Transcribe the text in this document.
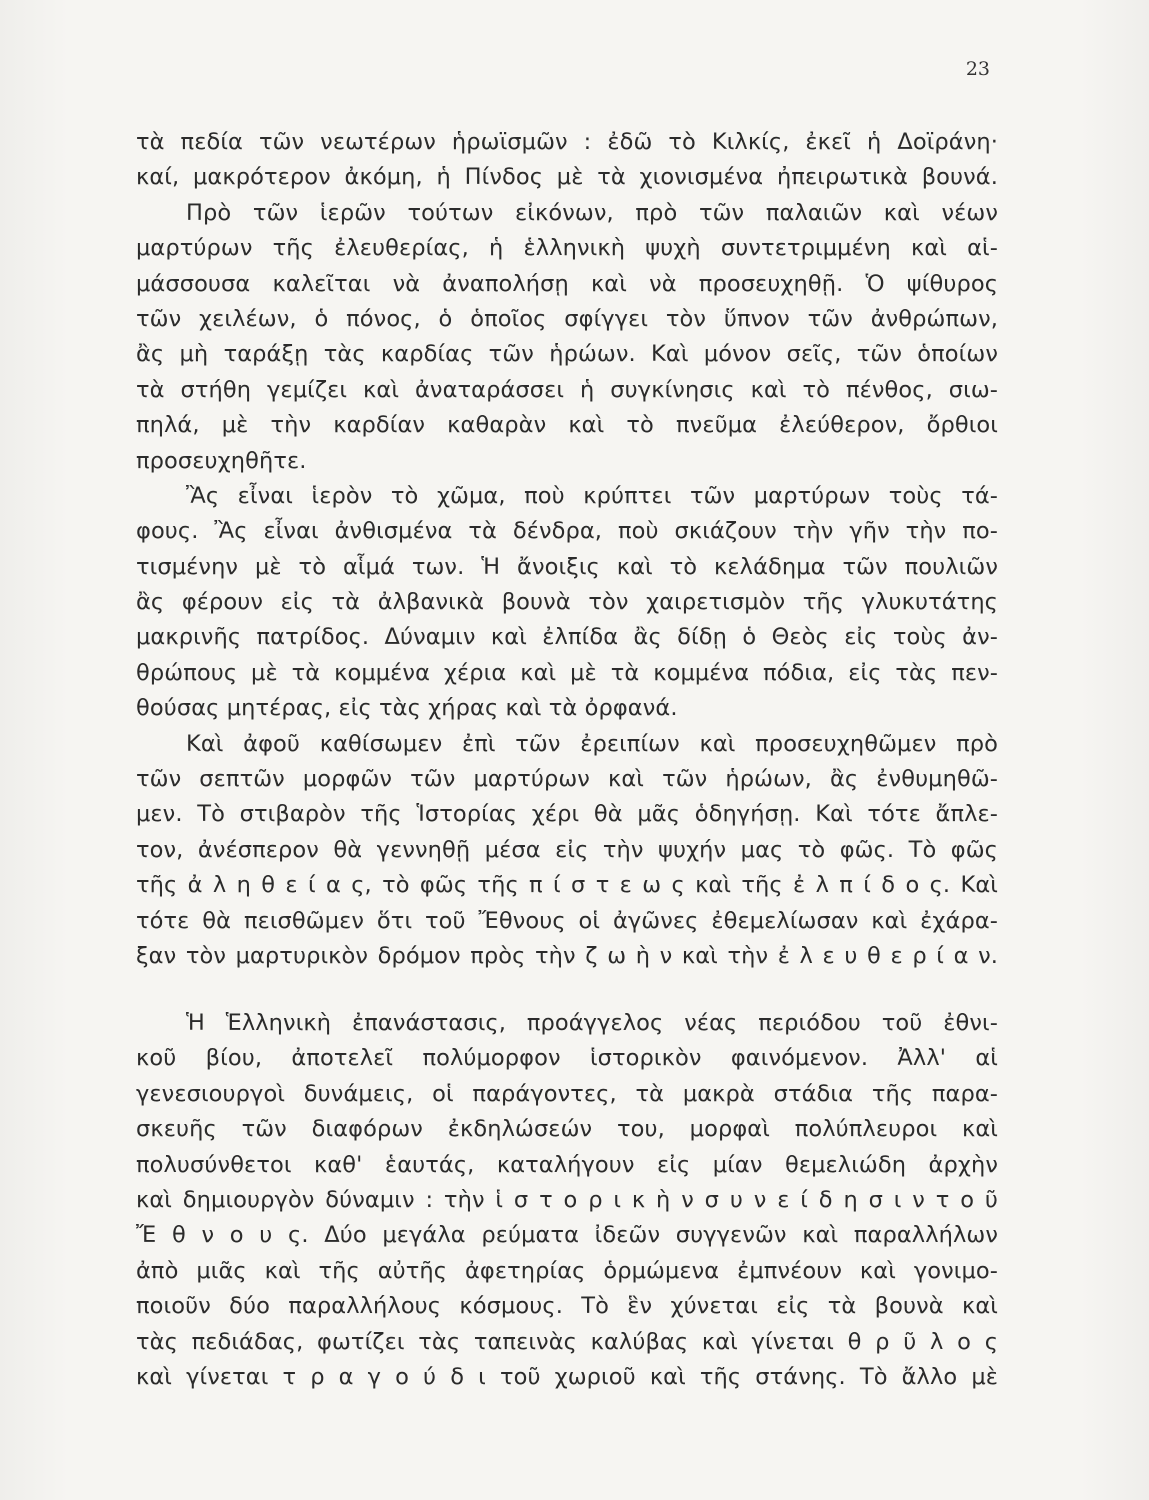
23
τὰ πεδία τῶν νεωτέρων ἡρωϊσμῶν : ἐδῶ τὸ Κιλκίς, ἐκεῖ ἡ Δοϊράνη·
καί, μακρότερον ἀκόμη, ἡ Πίνδος μὲ τὰ χιονισμένα ἠπειρωτικὰ βουνά.
Πρὸ τῶν ἱερῶν τούτων εἰκόνων, πρὸ τῶν παλαιῶν καὶ νέων
μαρτύρων τῆς ἐλευθερίας, ἡ ἑλληνικὴ ψυχὴ συντετριμμένη καὶ αἱ-
μάσσουσα καλεῖται νὰ ἀναπολήσῃ καὶ νὰ προσευχηθῇ. Ὁ ψίθυρος
τῶν χειλέων, ὁ πόνος, ὁ ὁποῖος σφίγγει τὸν ὕπνον τῶν ἀνθρώπων,
ἂς μὴ ταράξῃ τὰς καρδίας τῶν ἡρώων. Καὶ μόνον σεῖς, τῶν ὁποίων
τὰ στήθη γεμίζει καὶ ἀναταράσσει ἡ συγκίνησις καὶ τὸ πένθος, σιω-
πηλά, μὲ τὴν καρδίαν καθαρὰν καὶ τὸ πνεῦμα ἐλεύθερον, ὄρθιοι
προσευχηθῆτε.
Ἂς εἶναι ἱερὸν τὸ χῶμα, ποὺ κρύπτει τῶν μαρτύρων τοὺς τά-
φους. Ἂς εἶναι ἀνθισμένα τὰ δένδρα, ποὺ σκιάζουν τὴν γῆν τὴν πο-
τισμένην μὲ τὸ αἷμά των. Ἡ ἄνοιξις καὶ τὸ κελάδημα τῶν πουλιῶν
ἂς φέρουν εἰς τὰ ἀλβανικὰ βουνὰ τὸν χαιρετισμὸν τῆς γλυκυτάτης
μακρινῆς πατρίδος. Δύναμιν καὶ ἐλπίδα ἂς δίδῃ ὁ Θεὸς εἰς τοὺς ἀν-
θρώπους μὲ τὰ κομμένα χέρια καὶ μὲ τὰ κομμένα πόδια, εἰς τὰς πεν-
θούσας μητέρας, εἰς τὰς χήρας καὶ τὰ ὀρφανά.
Καὶ ἀφοῦ καθίσωμεν ἐπὶ τῶν ἐρειπίων καὶ προσευχηθῶμεν πρὸ
τῶν σεπτῶν μορφῶν τῶν μαρτύρων καὶ τῶν ἡρώων, ἂς ἐνθυμηθῶ-
μεν. Τὸ στιβαρὸν τῆς Ἱστορίας χέρι θὰ μᾶς ὁδηγήσῃ. Καὶ τότε ἄπλε-
τον, ἀνέσπερον θὰ γεννηθῇ μέσα εἰς τὴν ψυχήν μας τὸ φῶς. Τὸ φῶς
τῆς ἀ λ η θ ε ί α ς, τὸ φῶς τῆς π ί σ τ ε ω ς καὶ τῆς ἐ λ π ί δ ο ς. Καὶ
τότε θὰ πεισθῶμεν ὅτι τοῦ Ἔθνους οἱ ἀγῶνες ἐθεμελίωσαν καὶ ἐχάρα-
ξαν τὸν μαρτυρικὸν δρόμον πρὸς τὴν ζ ω ὴ ν καὶ τὴν ἐ λ ε υ θ ε ρ ί α ν.
Ἡ Ἑλληνικὴ ἐπανάστασις, πρoάγγελος νέας περιόδου τοῦ ἐθνι-
κοῦ βίου, ἀποτελεῖ πολύμορφον ἱστορικὸν φαινόμενον. Ἀλλ' αἱ
γενεσιουργοὶ δυνάμεις, οἱ παράγοντες, τὰ μακρὰ στάδια τῆς παρα-
σκευῆς τῶν διαφόρων ἐκδηλώσεών του, μορφαὶ πολύπλευροι καὶ
πολυσύνθετοι καθ' ἑαυτάς, καταλήγουν εἰς μίαν θεμελιώδη ἀρχὴν
καὶ δημιουργὸν δύναμιν : τὴν ἱ σ τ ο ρ ι κ ὴ ν σ υ ν ε ί δ η σ ι ν τ ο ῦ
Ἔ θ ν ο υ ς. Δύο μεγάλα ρεύματα ἰδεῶν συγγενῶν καὶ παραλλήλων
ἀπὸ μιᾶς καὶ τῆς αὐτῆς ἀφετηρίας ὁρμώμενα ἐμπνέουν καὶ γονιμο-
ποιοῦν δύο παραλλήλους κόσμους. Τὸ ἓν χύνεται εἰς τὰ βουνὰ καὶ
τὰς πεδιάδας, φωτίζει τὰς ταπεινὰς καλύβας καὶ γίνεται θ ρ ῦ λ ο ς
καὶ γίνεται τ ρ α γ ο ύ δ ι τοῦ χωριοῦ καὶ τῆς στάνης. Τὸ ἄλλο μὲ
